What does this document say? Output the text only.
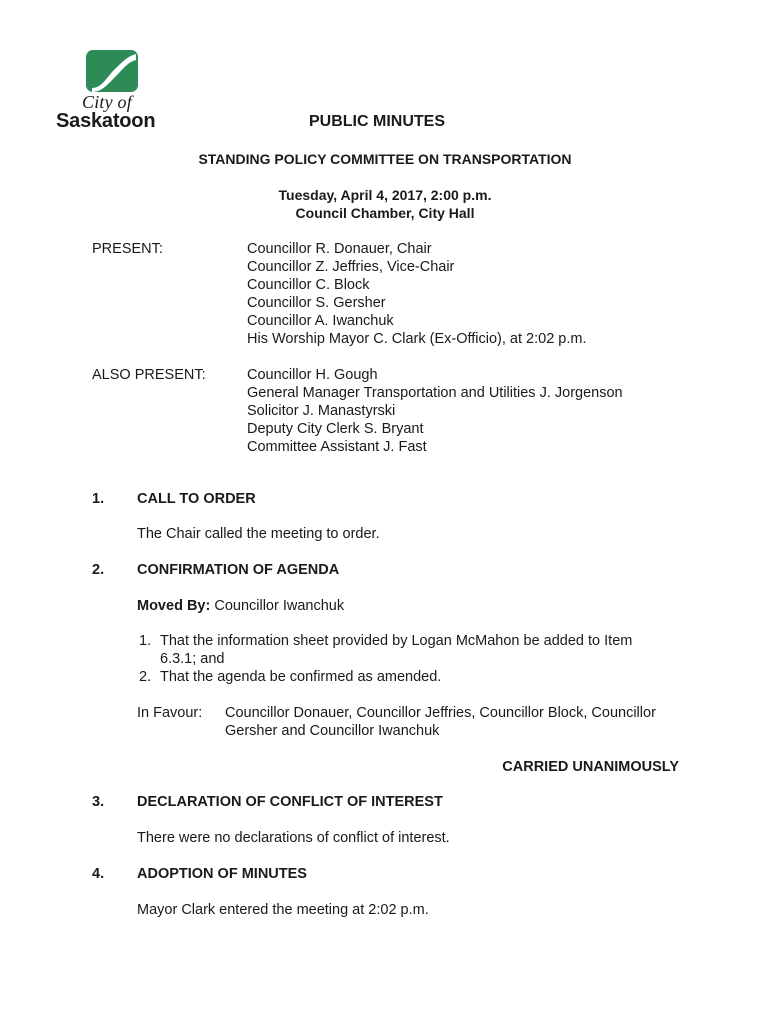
City of
Saskatoon	PUBLIC MINUTES
STANDING POLICY COMMITTEE ON TRANSPORTATION
Tuesday, April 4, 2017, 2:00 p.m.
Council Chamber, City Hall
PRESENT:	Councillor R. Donauer, Chair
Councillor Z. Jeffries, Vice-Chair
Councillor C. Block
Councillor S. Gersher
Councillor A. Iwanchuk
His Worship Mayor C. Clark (Ex-Officio), at 2:02 p.m.
ALSO PRESENT:	Councillor H. Gough
General Manager Transportation and Utilities J. Jorgenson
Solicitor J. Manastyrski
Deputy City Clerk S. Bryant
Committee Assistant J. Fast
1. CALL TO ORDER
The Chair called the meeting to order.
2. CONFIRMATION OF AGENDA
Moved By: Councillor Iwanchuk
1. That the information sheet provided by Logan McMahon be added to Item
6.3.1; and
2. That the agenda be confirmed as amended.
In Favour: Councillor Donauer, Councillor Jeffries, Councillor Block, Councillor
Gersher and Councillor Iwanchuk
CARRIED UNANIMOUSLY
3. DECLARATION OF CONFLICT OF INTEREST
There were no declarations of conflict of interest.
4. ADOPTION OF MINUTES
Mayor Clark entered the meeting at 2:02 p.m.
